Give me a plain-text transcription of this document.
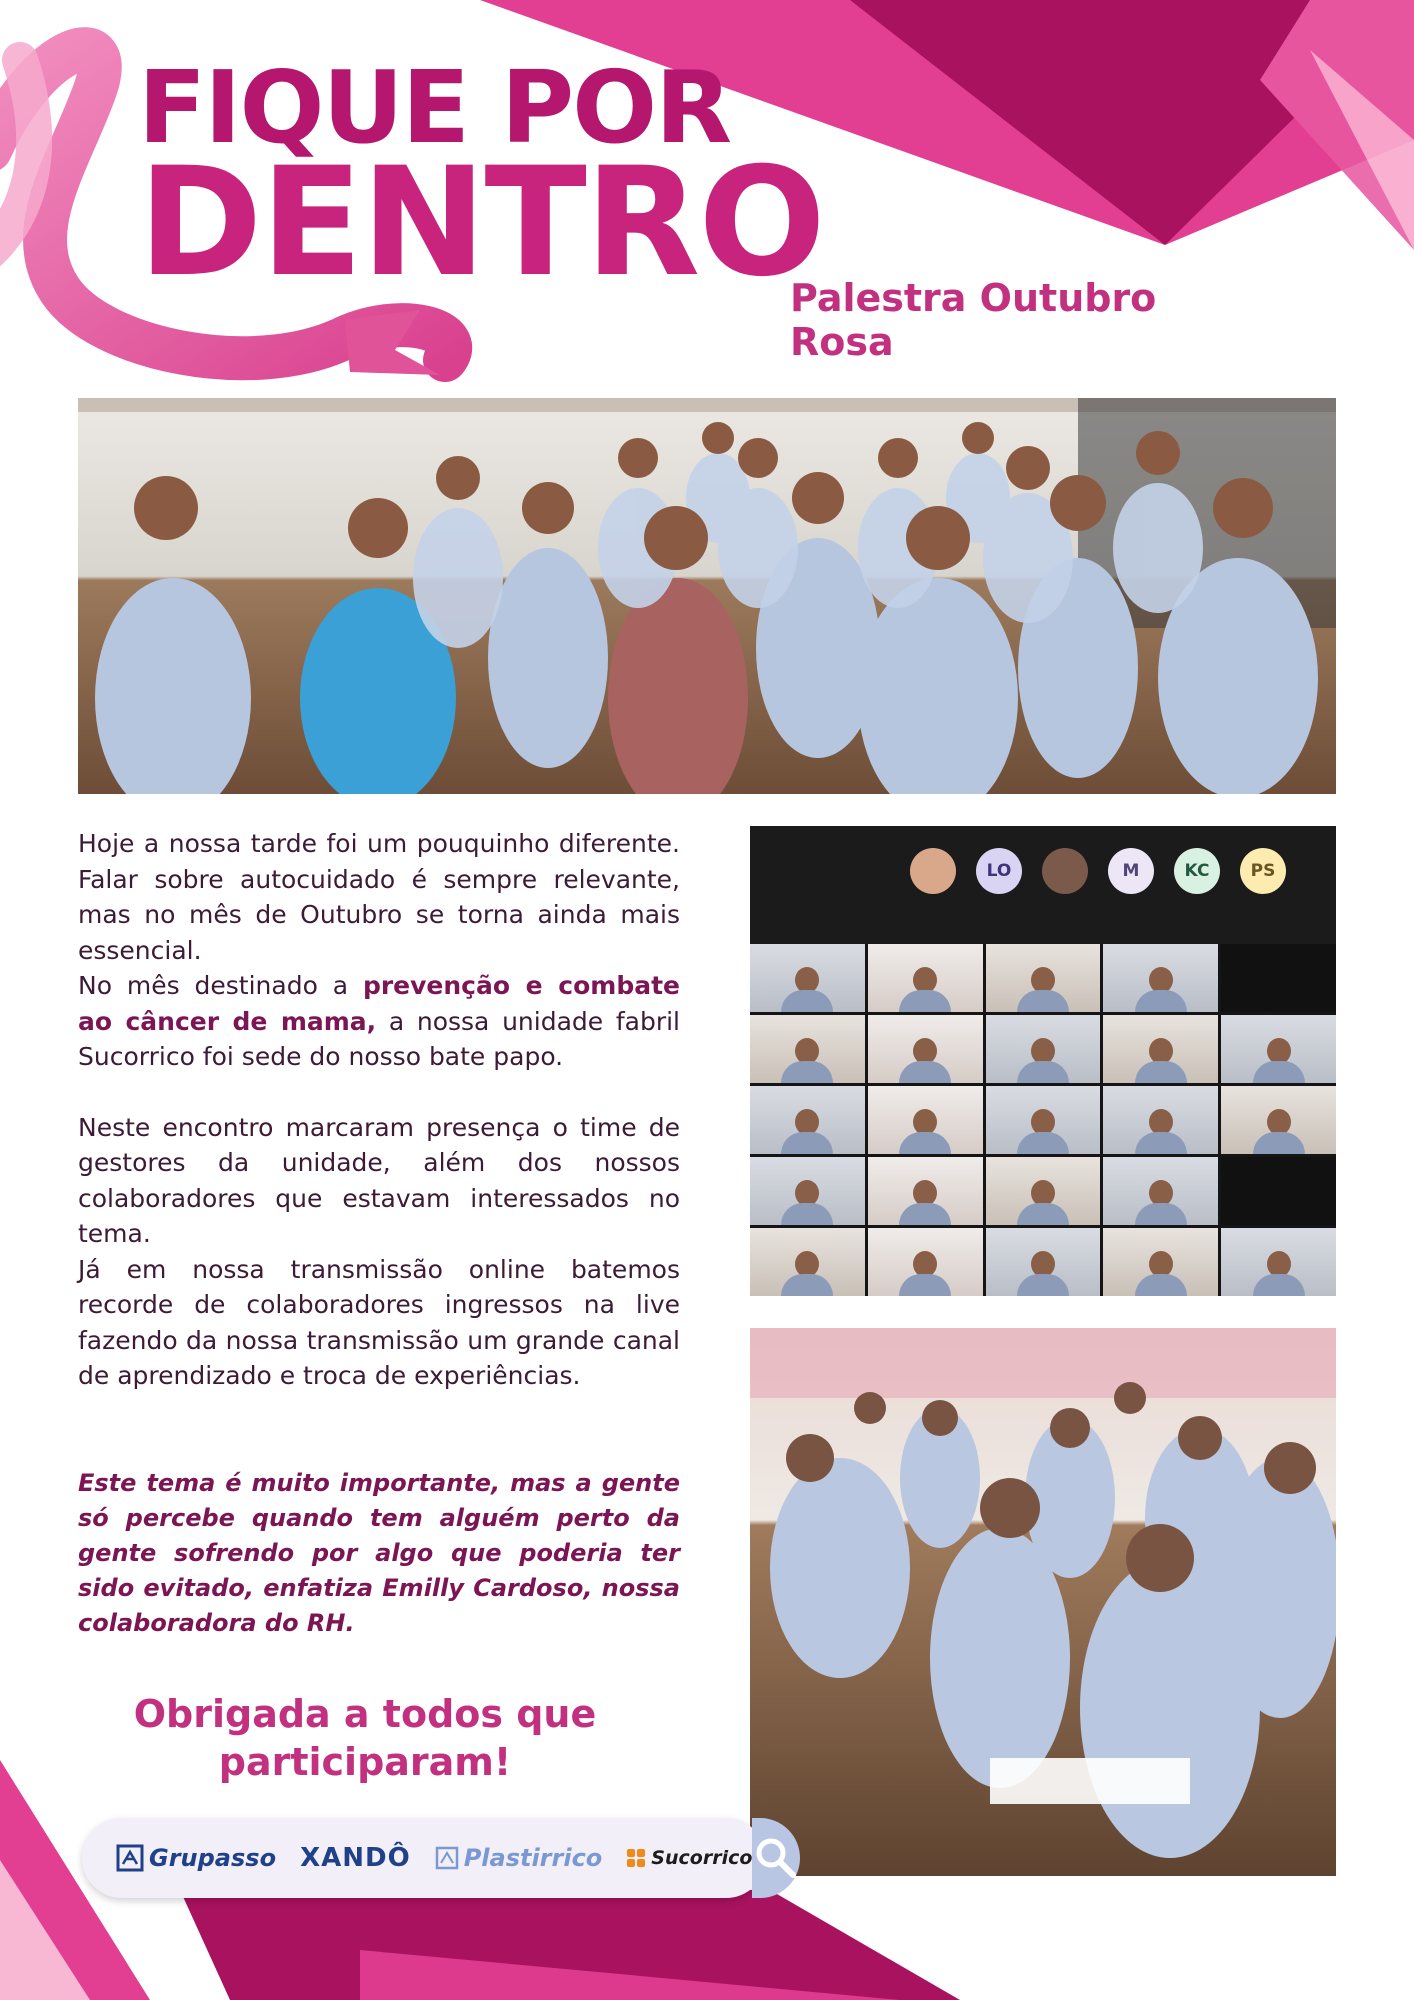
FIQUE POR
DENTRO
Palestra Outubro Rosa
LO	M	KC	PS

Hoje a nossa tarde foi um pouquinho diferente. Falar sobre autocuidado é sempre relevante, mas no mês de Outubro se torna ainda mais essencial.

No mês destinado a prevenção e combate ao câncer de mama, a nossa unidade fabril Sucorrico foi sede do nosso bate papo.

Neste encontro marcaram presença o time de gestores da unidade, além dos nossos colaboradores que estavam interessados no tema.

Já em nossa transmissão online batemos recorde de colaboradores ingressos na live fazendo da nossa transmissão um grande canal de aprendizado e troca de experiências.

Este tema é muito importante, mas a gente só percebe quando tem alguém perto da gente sofrendo por algo que poderia ter sido evitado, enfatiza Emilly Cardoso, nossa colaboradora do RH.

Obrigada a todos que participaram!

Grupasso XANDÔ Plastirrico	Sucorrico
